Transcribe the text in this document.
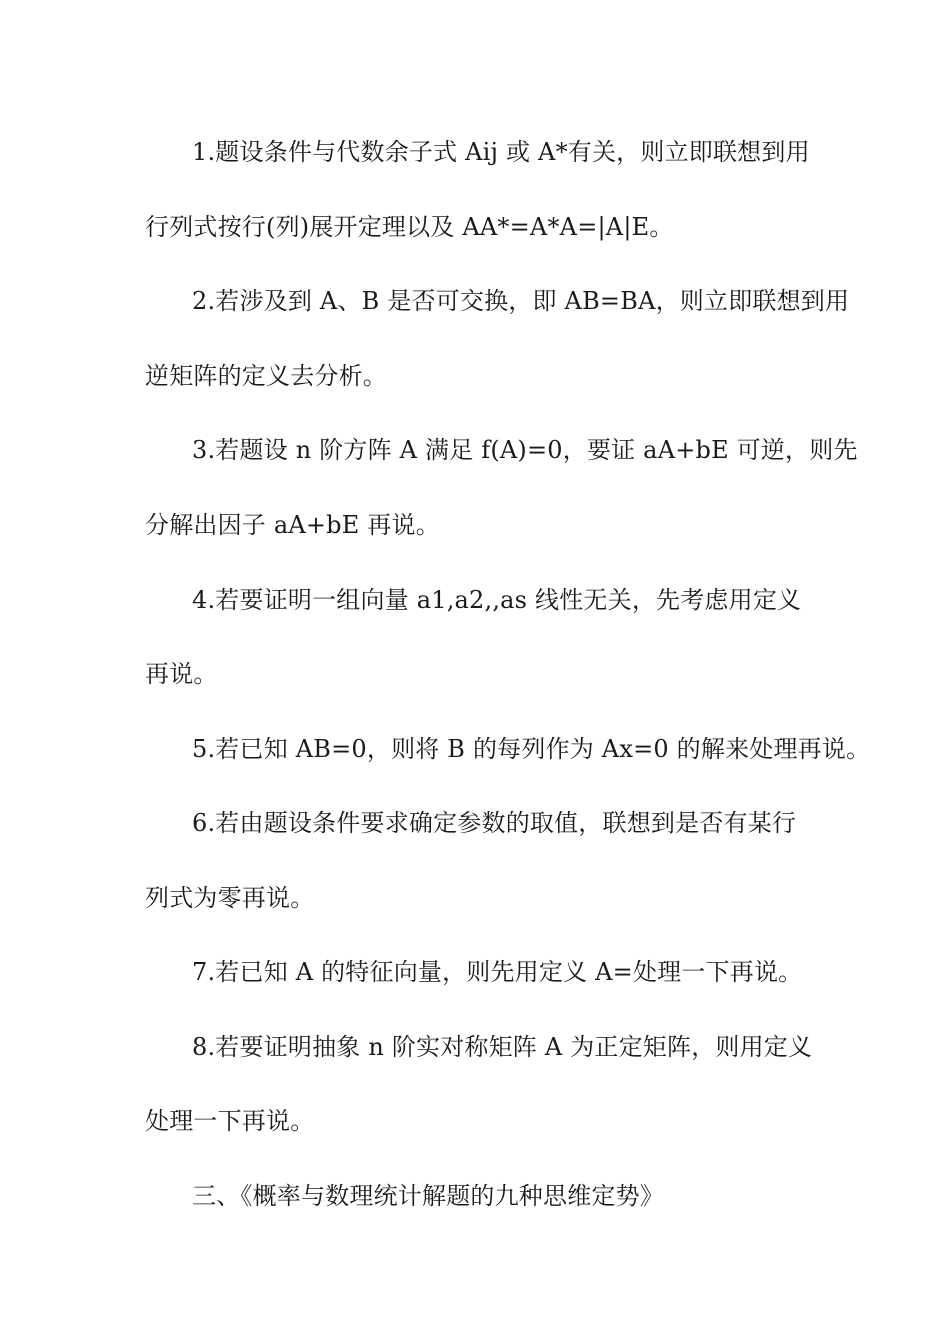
1.题设条件与代数余子式 Aij 或 A*有关，则立即联想到用
行列式按行(列)展开定理以及 AA*=A*A=|A|E。
2.若涉及到 A、B 是否可交换，即 AB=BA，则立即联想到用
逆矩阵的定义去分析。
3.若题设 n 阶方阵 A 满足 f(A)=0，要证 aA+bE 可逆，则先
分解出因子 aA+bE 再说。
4.若要证明一组向量 a1,a2,,as 线性无关，先考虑用定义
再说。
5.若已知 AB=0，则将 B 的每列作为 Ax=0 的解来处理再说。
6.若由题设条件要求确定参数的取值，联想到是否有某行
列式为零再说。
7.若已知 A 的特征向量，则先用定义 A=处理一下再说。
8.若要证明抽象 n 阶实对称矩阵 A 为正定矩阵，则用定义
处理一下再说。
三、《概率与数理统计解题的九种思维定势》
